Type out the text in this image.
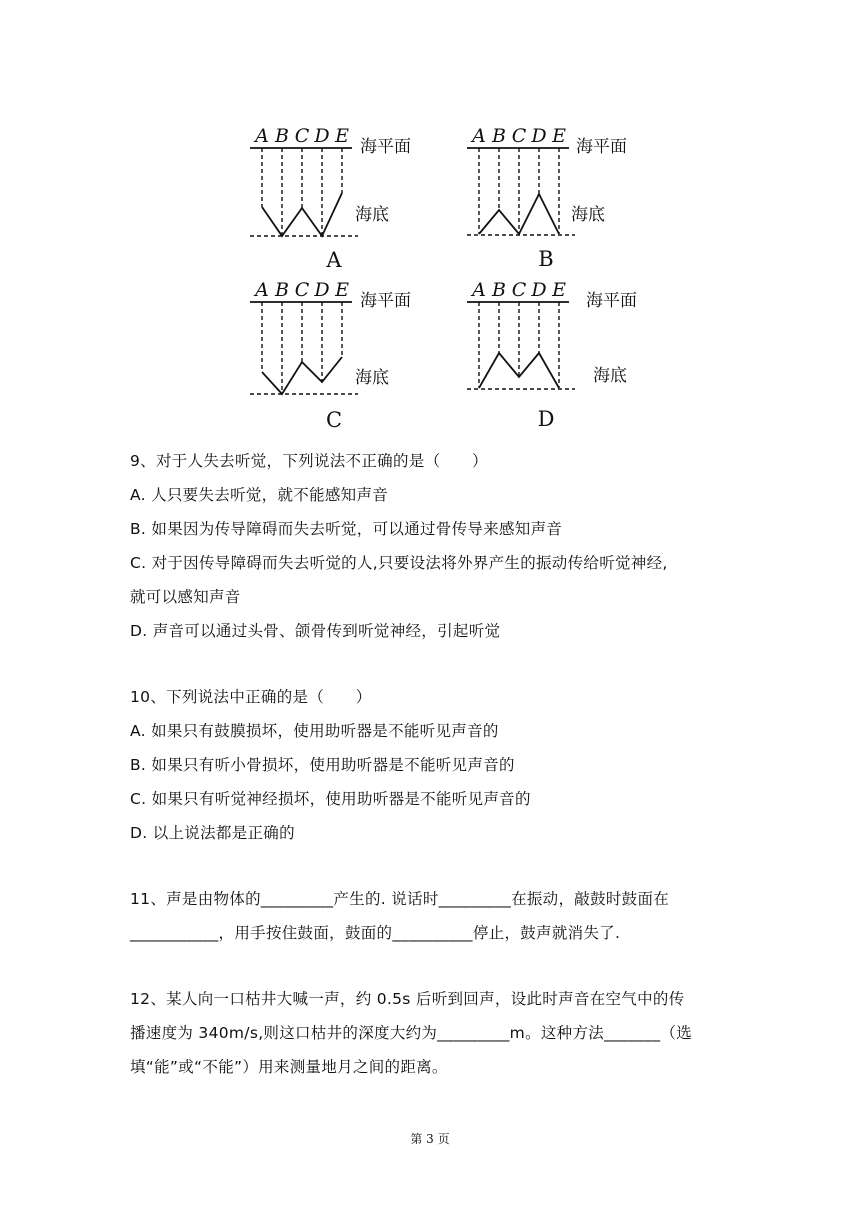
A B C D E 海平面
海底
A
A B C D E 海平面
海底
B
A B C D E 海平面
海底
C
A B C D E 海平面
海底
D
9、对于人失去听觉，下列说法不正确的是（　　）
A. 人只要失去听觉，就不能感知声音
B. 如果因为传导障碍而失去听觉，可以通过骨传导来感知声音
C. 对于因传导障碍而失去听觉的人,只要设法将外界产生的振动传给听觉神经,
就可以感知声音
D. 声音可以通过头骨、颌骨传到听觉神经，引起听觉
10、下列说法中正确的是（　　）
A. 如果只有鼓膜损坏，使用助听器是不能听见声音的
B. 如果只有听小骨损坏，使用助听器是不能听见声音的
C. 如果只有听觉神经损坏，使用助听器是不能听见声音的
D. 以上说法都是正确的
11、声是由物体的_________产生的. 说话时_________在振动，敲鼓时鼓面在
___________，用手按住鼓面，鼓面的__________停止，鼓声就消失了.
12、某人向一口枯井大喊一声，约 0.5s 后听到回声，设此时声音在空气中的传
播速度为 340m/s,则这口枯井的深度大约为_________m。这种方法_______（选
填“能”或“不能”）用来测量地月之间的距离。
第 3 页
